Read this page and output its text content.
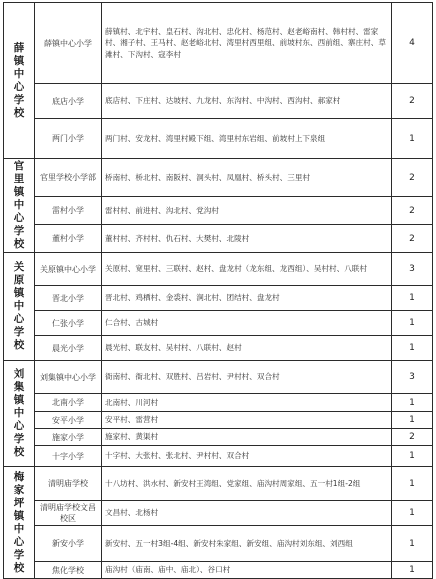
薛镇中心学校	薛镇中心小学	薛镇村、北宇村、皇石村、沟北村、忠化村、杨范村、赵老峪南村、韩村村、雷家村、湘子村、王马村、赵老峪北村、湾里村西里组、前坡村东、西前组、寨庄村、草滩村、下沟村、寇李村	4
	底店小学	底店村、下庄村、达坡村、九龙村、东沟村、中沟村、西沟村、郝家村	2
	两门小学	两门村、安龙村、湾里村殿下组、湾里村东岩组、前坡村上下泉组	1

官里镇中心学校	官里学校小学部	桥南村、桥北村、南阪村、洞头村、凤凰村、桥头村、三里村	2
	雷村小学	雷村村、前进村、沟北村、党沟村	2
	董村小学	董村村、齐村村、仇石村、大樊村、北陵村	2

关原镇中心学校	关原镇中心小学	关原村、宽里村、三联村、赵村、盘龙村（龙东组、龙西组）、吴村村、八联村	3
	晋北小学	晋北村、鸡栖村、金裘村、涧北村、团结村、盘龙村	1
	仁张小学	仁合村、古城村	1
	晨光小学	晨光村、联友村、吴村村、八联村、赵村	1

刘集镇中心学校	刘集镇中心小学	衙南村、衙北村、双胜村、吕岩村、尹村村、双合村	3
	北南小学	北南村、川河村	1
	安平小学	安平村、雷营村	1
	施家小学	施家村、黄渠村	2
	十字小学	十字村、大张村、张北村、尹村村、双合村	1

梅家坪镇中心学校	清明庙学校	十八坊村、洪水村、新安村王湾组、党家组、庙沟村周家组、五一村1组-2组	1
	清明庙学校文昌校区	文昌村、北杨村	1
	新安小学	新安村、五一村3组-4组、新安村朱家组、新安组、庙沟村刘东组、刘西组	1
	焦化学校	庙沟村（庙南、庙中、庙北）、谷口村	1
